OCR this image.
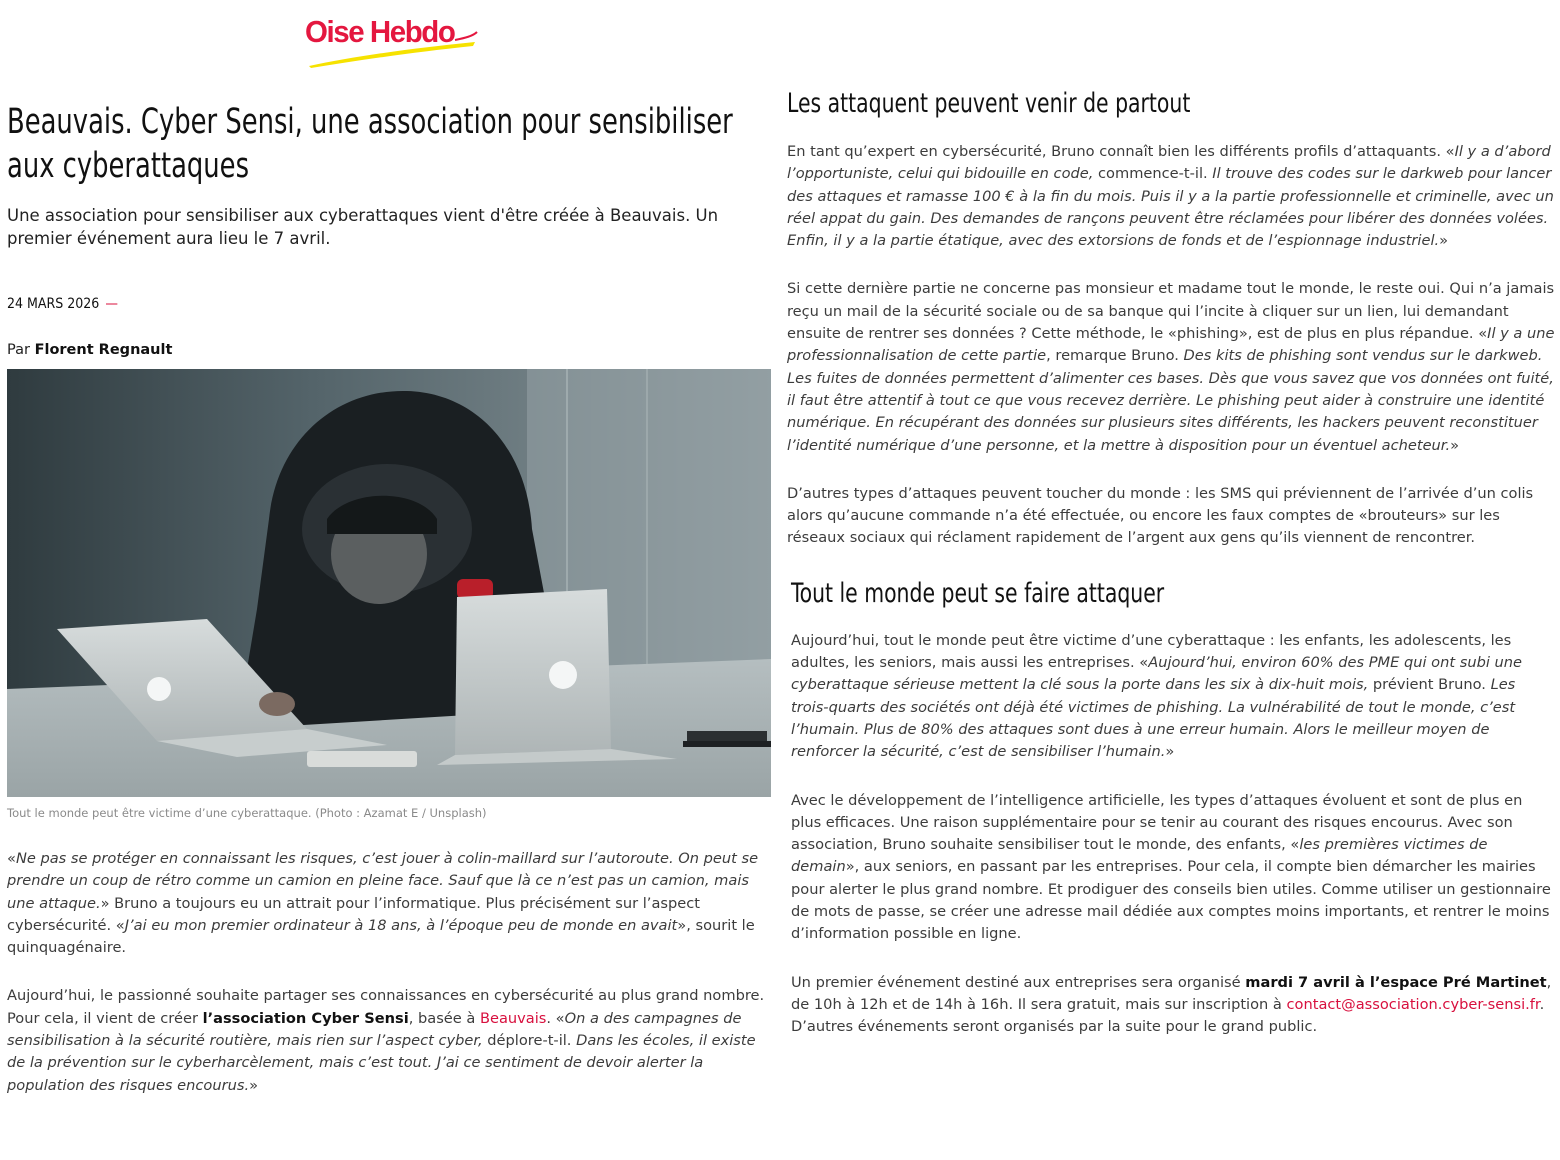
Oise Hebdo
Beauvais. Cyber Sensi, une association pour sensibiliser aux cyberattaques

Une association pour sensibiliser aux cyberattaques vient d'être créée à Beauvais. Un premier événement aura lieu le 7 avril.

24 MARS 2026 —
Par Florent Regnault

Tout le monde peut être victime d’une cyberattaque. (Photo : Azamat E / Unsplash)

«Ne pas se protéger en connaissant les risques, c’est jouer à colin-maillard sur l’autoroute. On peut se prendre un coup de rétro comme un camion en pleine face. Sauf que là ce n’est pas un camion, mais une attaque.» Bruno a toujours eu un attrait pour l’informatique. Plus précisément sur l’aspect cybersécurité. «J’ai eu mon premier ordinateur à 18 ans, à l’époque peu de monde en avait», sourit le quinquagénaire.

Aujourd’hui, le passionné souhaite partager ses connaissances en cybersécurité au plus grand nombre. Pour cela, il vient de créer l’association Cyber Sensi, basée à Beauvais. «On a des campagnes de sensibilisation à la sécurité routière, mais rien sur l’aspect cyber, déplore-t-il. Dans les écoles, il existe de la prévention sur le cyberharcèlement, mais c’est tout. J’ai ce sentiment de devoir alerter la population des risques encourus.»

Les attaquent peuvent venir de partout

En tant qu’expert en cybersécurité, Bruno connaît bien les différents profils d’attaquants. «Il y a d’abord l’opportuniste, celui qui bidouille en code, commence-t-il. Il trouve des codes sur le darkweb pour lancer des attaques et ramasse 100 € à la fin du mois. Puis il y a la partie professionnelle et criminelle, avec un réel appat du gain. Des demandes de rançons peuvent être réclamées pour libérer des données volées. Enfin, il y a la partie étatique, avec des extorsions de fonds et de l’espionnage industriel.»

Si cette dernière partie ne concerne pas monsieur et madame tout le monde, le reste oui. Qui n’a jamais reçu un mail de la sécurité sociale ou de sa banque qui l’incite à cliquer sur un lien, lui demandant ensuite de rentrer ses données ? Cette méthode, le «phishing», est de plus en plus répandue. «Il y a une professionnalisation de cette partie, remarque Bruno. Des kits de phishing sont vendus sur le darkweb. Les fuites de données permettent d’alimenter ces bases. Dès que vous savez que vos données ont fuité, il faut être attentif à tout ce que vous recevez derrière. Le phishing peut aider à construire une identité numérique. En récupérant des données sur plusieurs sites différents, les hackers peuvent reconstituer l’identité numérique d’une personne, et la mettre à disposition pour un éventuel acheteur.»

D’autres types d’attaques peuvent toucher du monde : les SMS qui préviennent de l’arrivée d’un colis alors qu’aucune commande n’a été effectuée, ou encore les faux comptes de «brouteurs» sur les réseaux sociaux qui réclament rapidement de l’argent aux gens qu’ils viennent de rencontrer.

Tout le monde peut se faire attaquer

Aujourd’hui, tout le monde peut être victime d’une cyberattaque : les enfants, les adolescents, les adultes, les seniors, mais aussi les entreprises. «Aujourd’hui, environ 60% des PME qui ont subi une cyberattaque sérieuse mettent la clé sous la porte dans les six à dix-huit mois, prévient Bruno. Les trois-quarts des sociétés ont déjà été victimes de phishing. La vulnérabilité de tout le monde, c’est l’humain. Plus de 80% des attaques sont dues à une erreur humain. Alors le meilleur moyen de renforcer la sécurité, c’est de sensibiliser l’humain.»

Avec le développement de l’intelligence artificielle, les types d’attaques évoluent et sont de plus en plus efficaces. Une raison supplémentaire pour se tenir au courant des risques encourus. Avec son association, Bruno souhaite sensibiliser tout le monde, des enfants, «les premières victimes de demain», aux seniors, en passant par les entreprises. Pour cela, il compte bien démarcher les mairies pour alerter le plus grand nombre. Et prodiguer des conseils bien utiles. Comme utiliser un gestionnaire de mots de passe, se créer une adresse mail dédiée aux comptes moins importants, et rentrer le moins d’information possible en ligne.

Un premier événement destiné aux entreprises sera organisé mardi 7 avril à l’espace Pré Martinet, de 10h à 12h et de 14h à 16h. Il sera gratuit, mais sur inscription à contact@association.cyber-sensi.fr. D’autres événements seront organisés par la suite pour le grand public.
